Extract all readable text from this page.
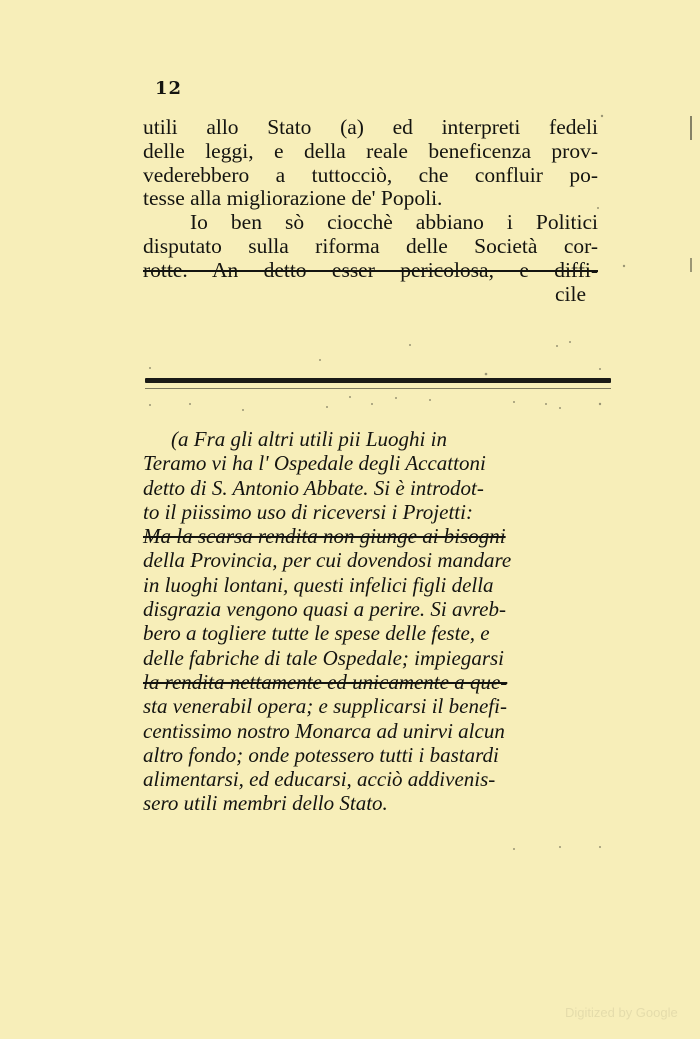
12
utili allo Stato (a) ed interpreti fedeli
delle leggi, e della reale beneficenza prov-
vederebbero a tuttocciò, che confluir po-
tesse alla migliorazione de' Popoli.
Io ben sò ciocchè abbiano i Politici
disputato sulla riforma delle Società cor-
rotte. An detto esser pericolosa, e diffi-
cile
(a Fra gli altri utili pii Luoghi in
Teramo vi ha l' Ospedale degli Accattoni
detto di S. Antonio Abbate. Si è introdot-
to il piissimo uso di riceversi i Projetti:
Ma la scarsa rendita non giunge ai bisogni
della Provincia, per cui dovendosi mandare
in luoghi lontani, questi infelici figli della
disgrazia vengono quasi a perire. Si avreb-
bero a togliere tutte le spese delle feste, e
delle fabriche di tale Ospedale; impiegarsi
la rendita nettamente ed unicamente a que-
sta venerabil opera; e supplicarsi il benefi-
centissimo nostro Monarca ad unirvi alcun
altro fondo; onde potessero tutti i bastardi
alimentarsi, ed educarsi, acciò addivenis-
sero utili membri dello Stato.
Digitized by Google
